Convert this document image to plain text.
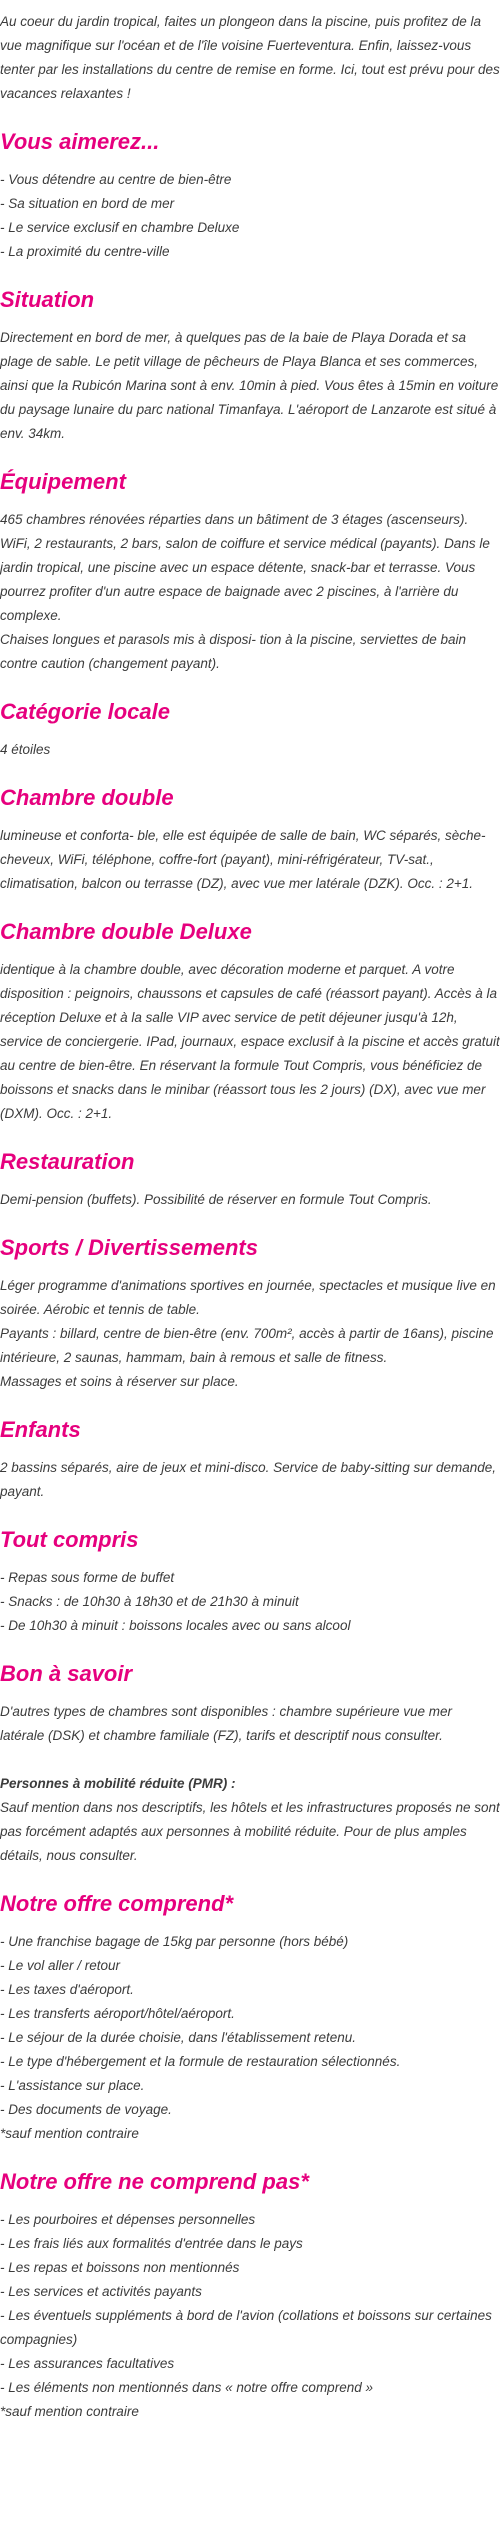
Au coeur du jardin tropical, faites un plongeon dans la piscine, puis profitez de la vue magnifique sur l'océan et de l'île voisine Fuerteventura. Enfin, laissez-vous tenter par les installations du centre de remise en forme. Ici, tout est prévu pour des vacances relaxantes !

Vous aimerez...
- Vous détendre au centre de bien-être
- Sa situation en bord de mer
- Le service exclusif en chambre Deluxe
- La proximité du centre-ville
Situation

Directement en bord de mer, à quelques pas de la baie de Playa Dorada et sa plage de sable. Le petit village de pêcheurs de Playa Blanca et ses commerces, ainsi que la Rubicón Marina sont à env. 10min à pied. Vous êtes à 15min en voiture du paysage lunaire du parc national Timanfaya. L'aéroport de Lanzarote est situé à env. 34km.

Équipement

465 chambres rénovées réparties dans un bâtiment de 3 étages (ascenseurs). WiFi, 2 restaurants, 2 bars, salon de coiffure et service médical (payants). Dans le jardin tropical, une piscine avec un espace détente, snack-bar et terrasse. Vous pourrez profiter d'un autre espace de baignade avec 2 piscines, à l'arrière du complexe.

Chaises longues et parasols mis à disposi- tion à la piscine, serviettes de bain contre caution (changement payant).

Catégorie locale

4 étoiles

Chambre double

lumineuse et conforta- ble, elle est équipée de salle de bain, WC séparés, sèche-cheveux, WiFi, téléphone, coffre-fort (payant), mini-réfrigérateur, TV-sat., climatisation, balcon ou terrasse (DZ), avec vue mer latérale (DZK). Occ. : 2+1.

Chambre double Deluxe

identique à la chambre double, avec décoration moderne et parquet. A votre disposition : peignoirs, chaussons et capsules de café (réassort payant). Accès à la réception Deluxe et à la salle VIP avec service de petit déjeuner jusqu'à 12h, service de conciergerie. IPad, journaux, espace exclusif à la piscine et accès gratuit au centre de bien-être. En réservant la formule Tout Compris, vous bénéficiez de boissons et snacks dans le minibar (réassort tous les 2 jours) (DX), avec vue mer (DXM). Occ. : 2+1.

Restauration

Demi-pension (buffets). Possibilité de réserver en formule Tout Compris.

Sports / Divertissements

Léger programme d'animations sportives en journée, spectacles et musique live en soirée. Aérobic et tennis de table.

Payants : billard, centre de bien-être (env. 700m², accès à partir de 16ans), piscine intérieure, 2 saunas, hammam, bain à remous et salle de fitness.

Massages et soins à réserver sur place.

Enfants

2 bassins séparés, aire de jeux et mini-disco. Service de baby-sitting sur demande, payant.

Tout compris
- Repas sous forme de buffet
- Snacks : de 10h30 à 18h30 et de 21h30 à minuit
- De 10h30 à minuit : boissons locales avec ou sans alcool
Bon à savoir

D'autres types de chambres sont disponibles : chambre supérieure vue mer latérale (DSK) et chambre familiale (FZ), tarifs et descriptif nous consulter.

Personnes à mobilité réduite (PMR) :

Sauf mention dans nos descriptifs, les hôtels et les infrastructures proposés ne sont pas forcément adaptés aux personnes à mobilité réduite. Pour de plus amples détails, nous consulter.

Notre offre comprend*
- Une franchise bagage de 15kg par personne (hors bébé)
- Le vol aller / retour
- Les taxes d'aéroport.
- Les transferts aéroport/hôtel/aéroport.
- Le séjour de la durée choisie, dans l'établissement retenu.
- Le type d'hébergement et la formule de restauration sélectionnés.
- L'assistance sur place.
- Des documents de voyage.
*sauf mention contraire
Notre offre ne comprend pas*
- Les pourboires et dépenses personnelles
- Les frais liés aux formalités d'entrée dans le pays
- Les repas et boissons non mentionnés
- Les services et activités payants
- Les éventuels suppléments à bord de l'avion (collations et boissons sur certaines compagnies)
- Les assurances facultatives
- Les éléments non mentionnés dans « notre offre comprend »
*sauf mention contraire
